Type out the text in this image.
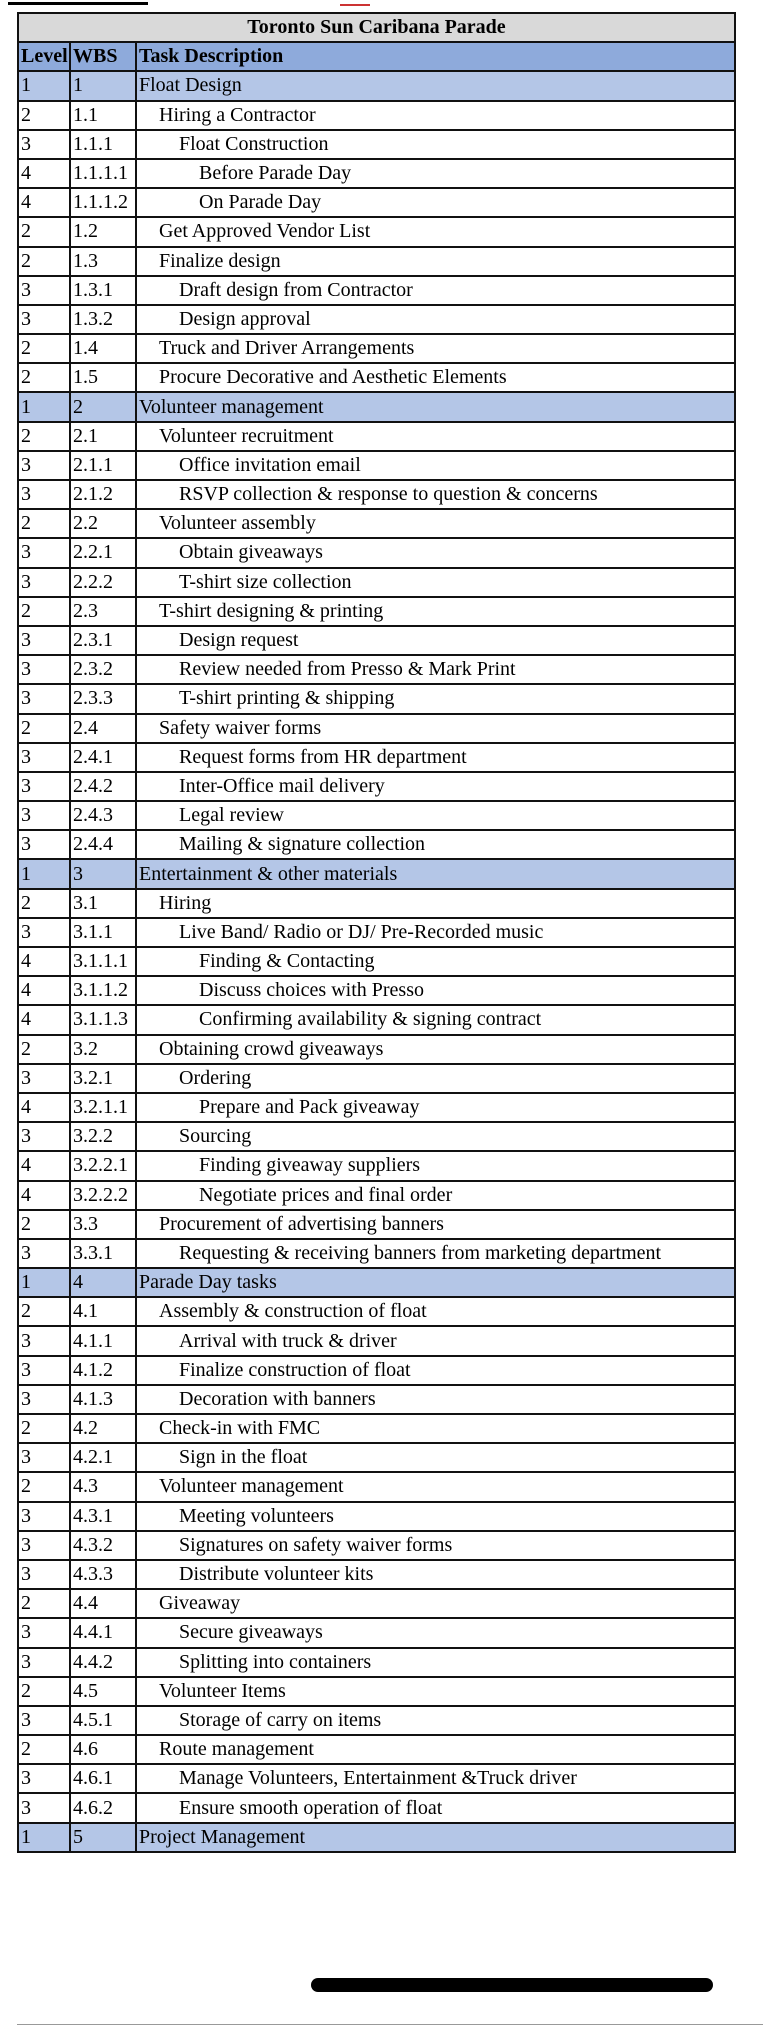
Toronto Sun Caribana Parade		
Level	WBS	Task Description
1	1	Float Design
2	1.1	Hiring a Contractor
3	1.1.1	Float Construction
4	1.1.1.1	Before Parade Day
4	1.1.1.2	On Parade Day
2	1.2	Get Approved Vendor List
2	1.3	Finalize design
3	1.3.1	Draft design from Contractor
3	1.3.2	Design approval
2	1.4	Truck and Driver Arrangements
2	1.5	Procure Decorative and Aesthetic Elements
1	2	Volunteer management
2	2.1	Volunteer recruitment
3	2.1.1	Office invitation email
3	2.1.2	RSVP collection & response to question & concerns
2	2.2	Volunteer assembly
3	2.2.1	Obtain giveaways
3	2.2.2	T-shirt size collection
2	2.3	T-shirt designing & printing
3	2.3.1	Design request
3	2.3.2	Review needed from Presso & Mark Print
3	2.3.3	T-shirt printing & shipping
2	2.4	Safety waiver forms
3	2.4.1	Request forms from HR department
3	2.4.2	Inter-Office mail delivery
3	2.4.3	Legal review
3	2.4.4	Mailing & signature collection
1	3	Entertainment & other materials
2	3.1	Hiring
3	3.1.1	Live Band/ Radio or DJ/ Pre-Recorded music
4	3.1.1.1	Finding & Contacting
4	3.1.1.2	Discuss choices with Presso
4	3.1.1.3	Confirming availability & signing contract
2	3.2	Obtaining crowd giveaways
3	3.2.1	Ordering
4	3.2.1.1	Prepare and Pack giveaway
3	3.2.2	Sourcing
4	3.2.2.1	Finding giveaway suppliers
4	3.2.2.2	Negotiate prices and final order
2	3.3	Procurement of advertising banners
3	3.3.1	Requesting & receiving banners from marketing department
1	4	Parade Day tasks
2	4.1	Assembly & construction of float
3	4.1.1	Arrival with truck & driver
3	4.1.2	Finalize construction of float
3	4.1.3	Decoration with banners
2	4.2	Check-in with FMC
3	4.2.1	Sign in the float
2	4.3	Volunteer management
3	4.3.1	Meeting volunteers
3	4.3.2	Signatures on safety waiver forms
3	4.3.3	Distribute volunteer kits
2	4.4	Giveaway
3	4.4.1	Secure giveaways
3	4.4.2	Splitting into containers
2	4.5	Volunteer Items
3	4.5.1	Storage of carry on items
2	4.6	Route management
3	4.6.1	Manage Volunteers, Entertainment &Truck driver
3	4.6.2	Ensure smooth operation of float
1	5	Project Management
